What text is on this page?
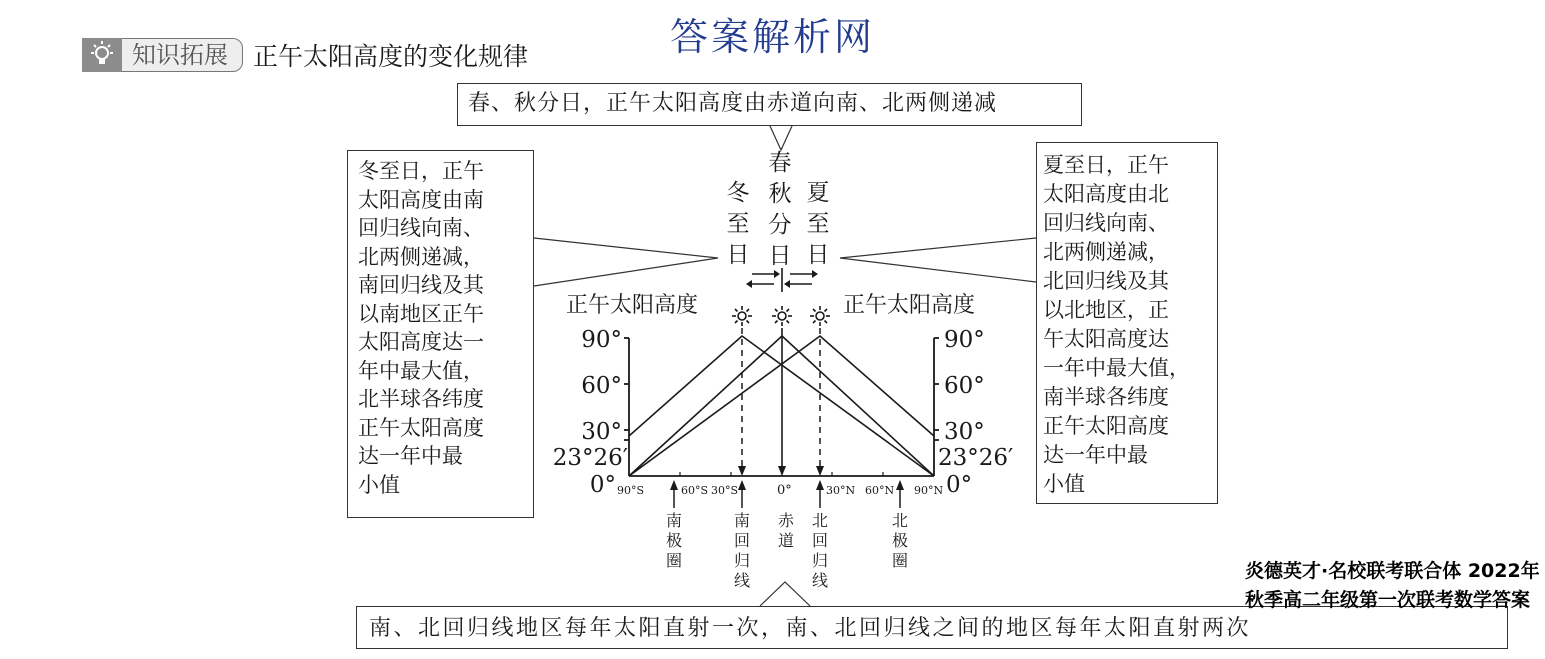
答案解析网
知识拓展	正午太阳高度的变化规律
正午太阳高度	正午太阳高度
90°
60°
30°
23°26′
0°
90°
60°
30°
23°26′
0°
90°S	60°S 30°S	0°	30°N 60°N 90°N
冬
至
日
春
秋
分
日
夏
至
日
南
极
圈
南
回
归
线
赤
道
北
回
归
线
北
极
圈
春、秋分日，正午太阳高度由赤道向南、北两侧递减
冬至日，正午
太阳高度由南
回归线向南、
北两侧递减，
南回归线及其
以南地区正午
太阳高度达一
年中最大值，
北半球各纬度
正午太阳高度
达一年中最
小值
夏至日，正午
太阳高度由北
回归线向南、
北两侧递减，
北回归线及其
以北地区，正
午太阳高度达
一年中最大值，
南半球各纬度
正午太阳高度
达一年中最
小值
南、北回归线地区每年太阳直射一次，南、北回归线之间的地区每年太阳直射两次
炎德英才·名校联考联合体 2022年秋季高二年级第一次联考数学答案
